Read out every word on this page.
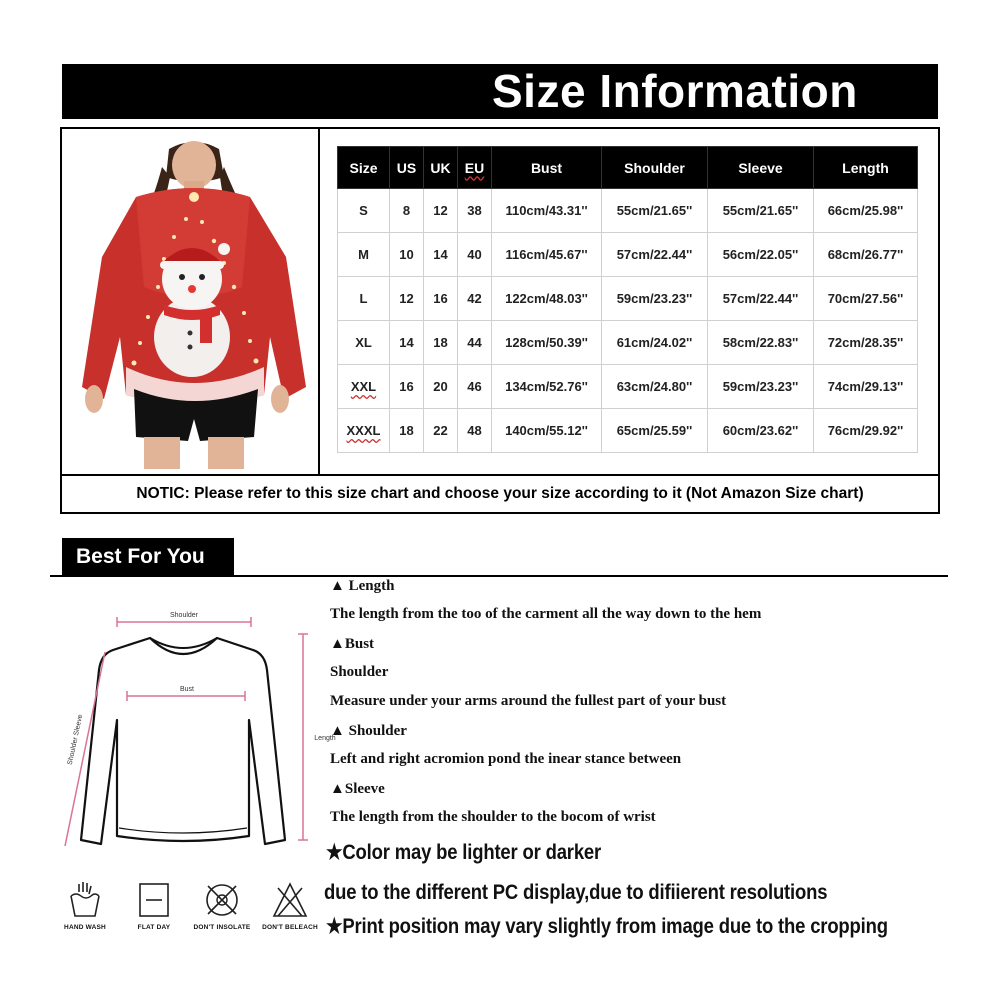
Size Information
Size	US	UK	EU	Bust	Shoulder	Sleeve	Length
S	8	12	38	110cm/43.31''	55cm/21.65''	55cm/21.65''	66cm/25.98''
M	10	14	40	116cm/45.67''	57cm/22.44''	56cm/22.05''	68cm/26.77''
L	12	16	42	122cm/48.03''	59cm/23.23''	57cm/22.44''	70cm/27.56''
XL	14	18	44	128cm/50.39''	61cm/24.02''	58cm/22.83''	72cm/28.35''
XXL	16	20	46	134cm/52.76''	63cm/24.80''	59cm/23.23''	74cm/29.13''
XXXL	18	22	48	140cm/55.12''	65cm/25.59''	60cm/23.62''	76cm/29.92''
NOTIC: Please refer to this size chart and choose your size according to it (Not Amazon Size chart)
Best For You
Shoulder
Bust
Length
Shoulder Sleeve
HAND WASH	FLAT DAY	DON'T INSOLATE	DON'T BELEACH
▲ Length
The length from the too of the carment all the way down to the hem
▲Bust
Shoulder
Measure under your arms around the fullest part of your bust
▲ Shoulder
Left and right acromion pond the inear stance between
▲Sleeve
The length from the shoulder to the bocom of wrist
★Color may be lighter or darker
due to the different PC display,due to difiierent resolutions
★Print position may vary slightly from image due to the cropping
